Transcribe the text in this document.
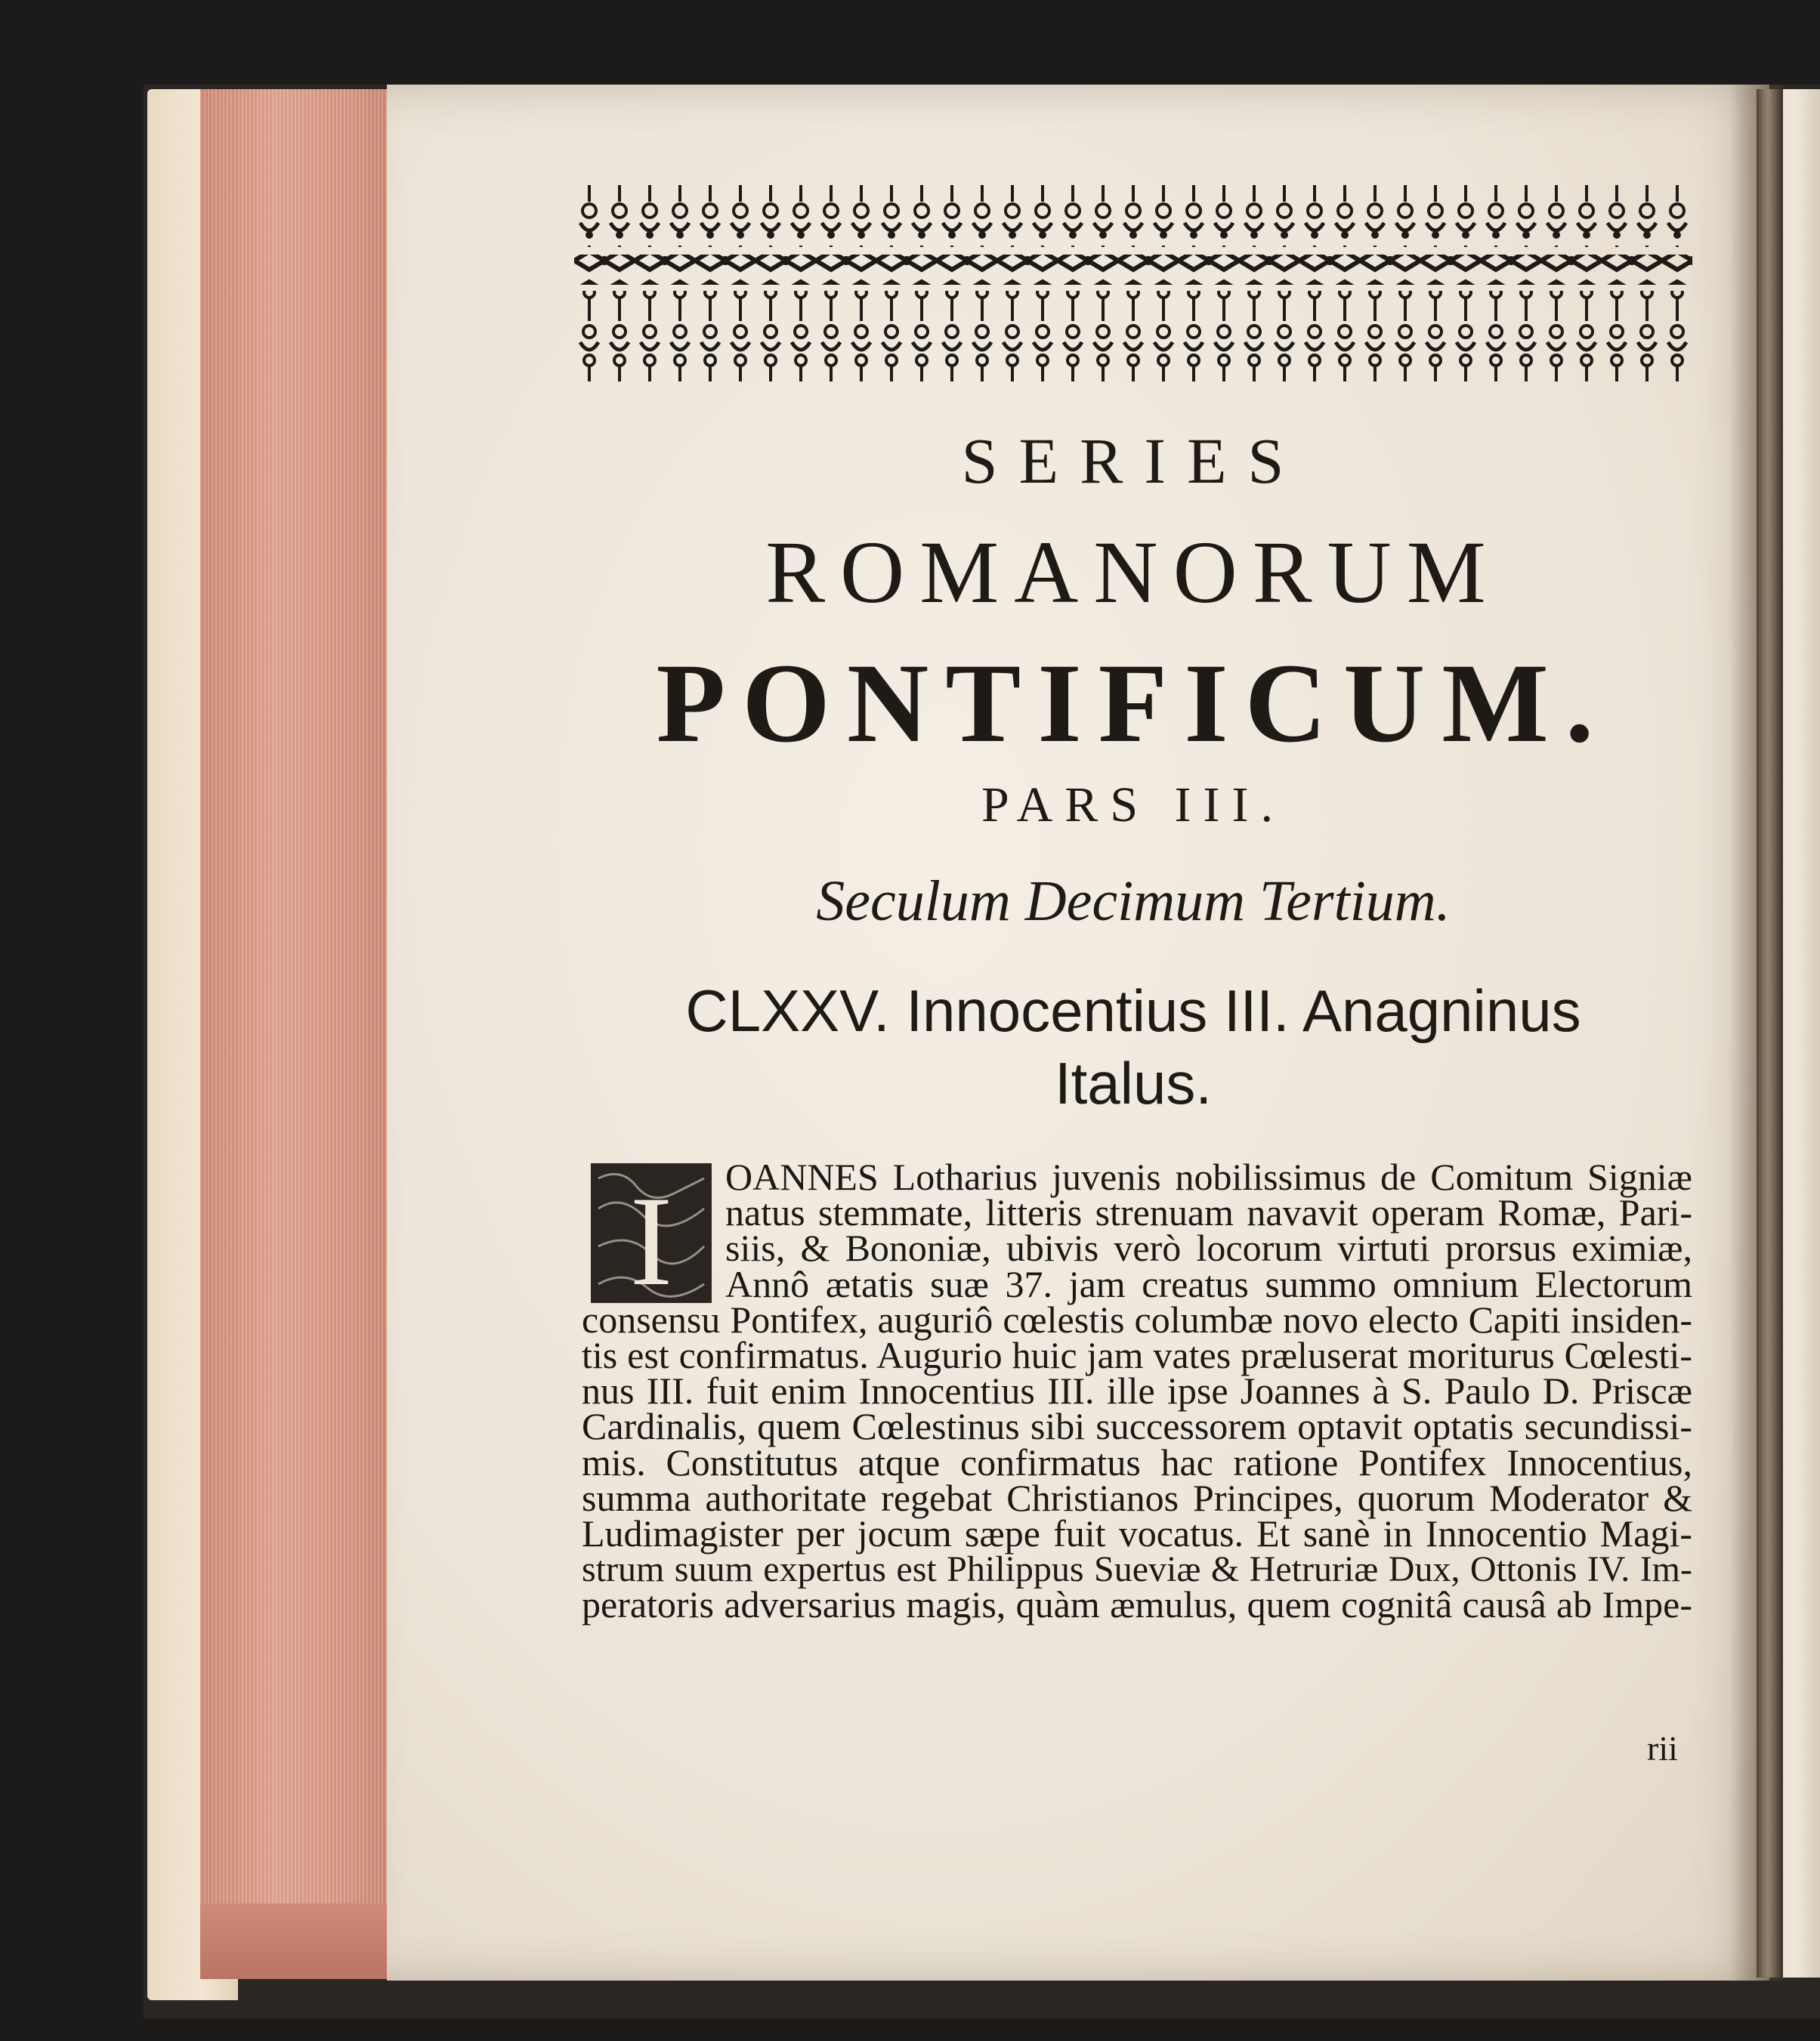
SERIES
ROMANORUM
PONTIFICUM.
PARS III.
Seculum Decimum Tertium.
CLXXV. Innocentius III. Anagninus
Italus.
I	OANNES Lotharius juvenis nobilissimus de Comitum Signiæ
natus stemmate, litteris strenuam navavit operam Romæ, Pari-
siis, & Bononiæ, ubivis verò locorum virtuti prorsus eximiæ,
Annô ætatis suæ 37. jam creatus summo omnium Electorum
consensu Pontifex, auguriô cœlestis columbæ novo electo Capiti insiden-
tis est confirmatus. Augurio huic jam vates præluserat moriturus Cœlesti-
nus III. fuit enim Innocentius III. ille ipse Joannes à S. Paulo D. Priscæ
Cardinalis, quem Cœlestinus sibi successorem optavit optatis secundissi-
mis. Constitutus atque confirmatus hac ratione Pontifex Innocentius,
summa authoritate regebat Christianos Principes, quorum Moderator &
Ludimagister per jocum sæpe fuit vocatus. Et sanè in Innocentio Magi-
strum suum expertus est Philippus Sueviæ & Hetruriæ Dux, Ottonis IV. Im-
peratoris adversarius magis, quàm æmulus, quem cognitâ causâ ab Impe-
rii
